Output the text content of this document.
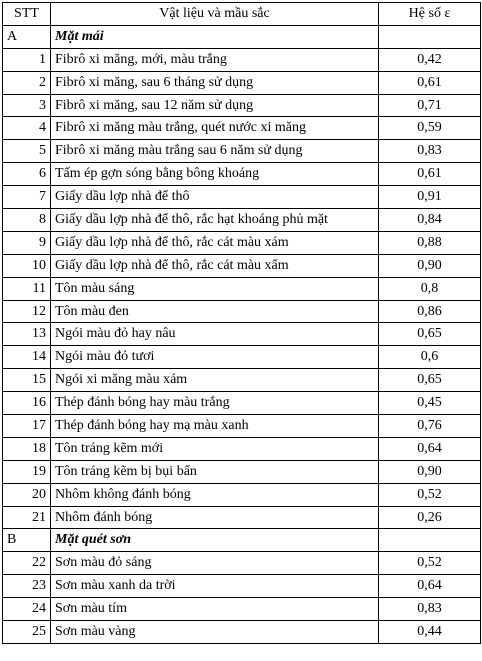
STT	Vật liệu và mầu sắc	Hệ số ε
A	Mặt mái	
1	Fibrô xi măng, mới, màu trắng	0,42
2	Fibrô xi măng, sau 6 tháng sử dụng	0,61
3	Fibrô xi măng, sau 12 năm sử dụng	0,71
4	Fibrô xi măng màu trắng, quét nước xi măng	0,59
5	Fibrô xi măng màu trắng sau 6 năm sử dụng	0,83
6	Tấm ép gợn sóng bằng bông khoáng	0,61
7	Giấy dầu lợp nhà để thô	0,91
8	Giấy dầu lợp nhà để thô, rắc hạt khoáng phủ mặt	0,84
9	Giấy dầu lợp nhà để thô, rắc cát màu xám	0,88
10	Giấy dầu lợp nhà để thô, rắc cát màu xẩm	0,90
11	Tôn màu sáng	0,8
12	Tôn màu đen	0,86
13	Ngói màu đỏ hay nâu	0,65
14	Ngói màu đỏ tươi	0,6
15	Ngói xi măng màu xám	0,65
16	Thép đánh bóng hay màu trắng	0,45
17	Thép đánh bóng hay mạ màu xanh	0,76
18	Tôn tráng kẽm mới	0,64
19	Tôn tráng kẽm bị bụi bẩn	0,90
20	Nhôm không đánh bóng	0,52
21	Nhôm đánh bóng	0,26
B	Mặt quét sơn	
22	Sơn màu đỏ sáng	0,52
23	Sơn màu xanh da trời	0,64
24	Sơn màu tím	0,83
25	Sơn màu vàng	0,44
